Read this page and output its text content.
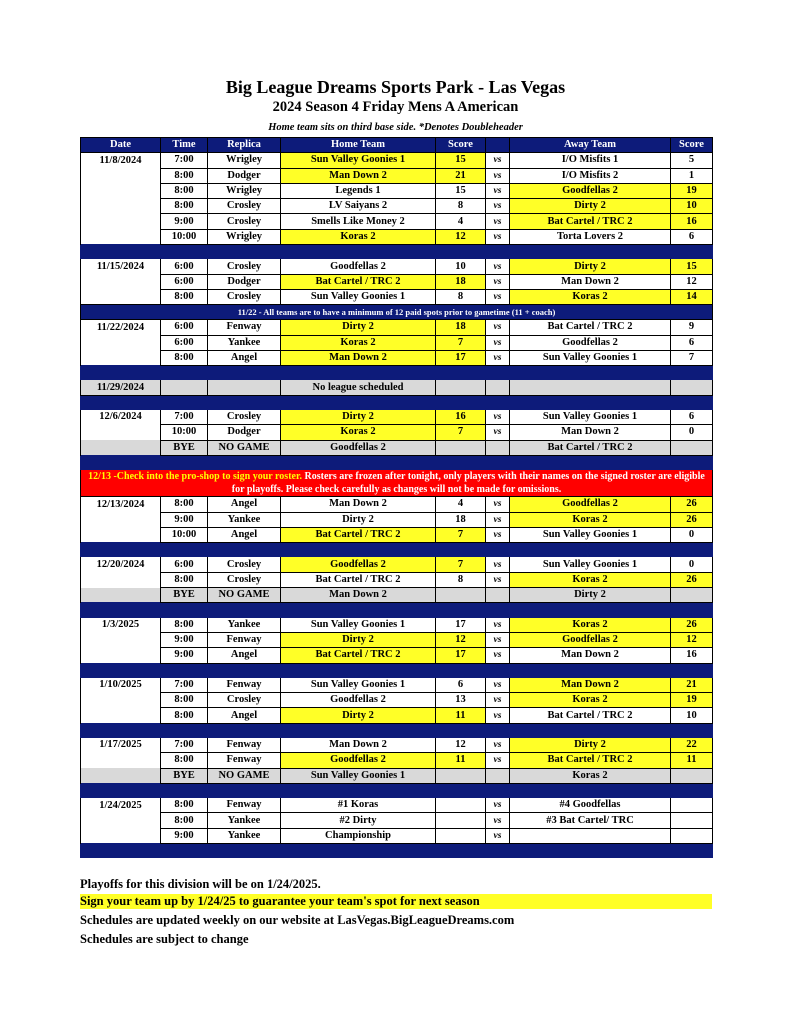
Big League Dreams Sports Park - Las Vegas
2024 Season 4 Friday Mens A American
Home team sits on third base side. *Denotes Doubleheader
Date	Time	Replica	Home Team	Score		Away Team	Score
11/8/2024	7:00	Wrigley	Sun Valley Goonies 1	15	vs	I/O Misfits 1	5
	8:00	Dodger	Man Down 2	21	vs	I/O Misfits 2	1
	8:00	Wrigley	Legends 1	15	vs	Goodfellas 2	19
	8:00	Crosley	LV Saiyans 2	8	vs	Dirty 2	10
	9:00	Crosley	Smells Like Money 2	4	vs	Bat Cartel / TRC 2	16
	10:00	Wrigley	Koras 2	12	vs	Torta Lovers 2	6

11/15/2024	6:00	Crosley	Goodfellas 2	10	vs	Dirty 2	15
	6:00	Dodger	Bat Cartel / TRC 2	18	vs	Man Down 2	12
	8:00	Crosley	Sun Valley Goonies 1	8	vs	Koras 2	14
11/22 - All teams are to have a minimum of 12 paid spots prior to gametime (11 + coach)							
11/22/2024	6:00	Fenway	Dirty 2	18	vs	Bat Cartel / TRC 2	9
	6:00	Yankee	Koras 2	7	vs	Goodfellas 2	6
	8:00	Angel	Man Down 2	17	vs	Sun Valley Goonies 1	7

11/29/2024			No league scheduled				

12/6/2024	7:00	Crosley	Dirty 2	16	vs	Sun Valley Goonies 1	6
	10:00	Dodger	Koras 2	7	vs	Man Down 2	0
	BYE	NO GAME	Goodfellas 2			Bat Cartel / TRC 2	

12/13 -Check into the pro-shop to sign your roster. Rosters are frozen after tonight, only players with their names on the signed roster are eligible for playoffs. Please check carefully as changes will not be made for omissions.							
12/13/2024	8:00	Angel	Man Down 2	4	vs	Goodfellas 2	26
	9:00	Yankee	Dirty 2	18	vs	Koras 2	26
	10:00	Angel	Bat Cartel / TRC 2	7	vs	Sun Valley Goonies 1	0

12/20/2024	6:00	Crosley	Goodfellas 2	7	vs	Sun Valley Goonies 1	0
	8:00	Crosley	Bat Cartel / TRC 2	8	vs	Koras 2	26
	BYE	NO GAME	Man Down 2			Dirty 2	

1/3/2025	8:00	Yankee	Sun Valley Goonies 1	17	vs	Koras 2	26
	9:00	Fenway	Dirty 2	12	vs	Goodfellas 2	12
	9:00	Angel	Bat Cartel / TRC 2	17	vs	Man Down 2	16

1/10/2025	7:00	Fenway	Sun Valley Goonies 1	6	vs	Man Down 2	21
	8:00	Crosley	Goodfellas 2	13	vs	Koras 2	19
	8:00	Angel	Dirty 2	11	vs	Bat Cartel / TRC 2	10

1/17/2025	7:00	Fenway	Man Down 2	12	vs	Dirty 2	22
	8:00	Fenway	Goodfellas 2	11	vs	Bat Cartel / TRC 2	11
	BYE	NO GAME	Sun Valley Goonies 1			Koras 2	

1/24/2025	8:00	Fenway	#1 Koras		vs	#4 Goodfellas	
	8:00	Yankee	#2 Dirty		vs	#3 Bat Cartel/ TRC	
	9:00	Yankee	Championship		vs		

Playoffs for this division will be on 1/24/2025.
Sign your team up by 1/24/25 to guarantee your team's spot for next season
Schedules are updated weekly on our website at LasVegas.BigLeagueDreams.com
Schedules are subject to change
